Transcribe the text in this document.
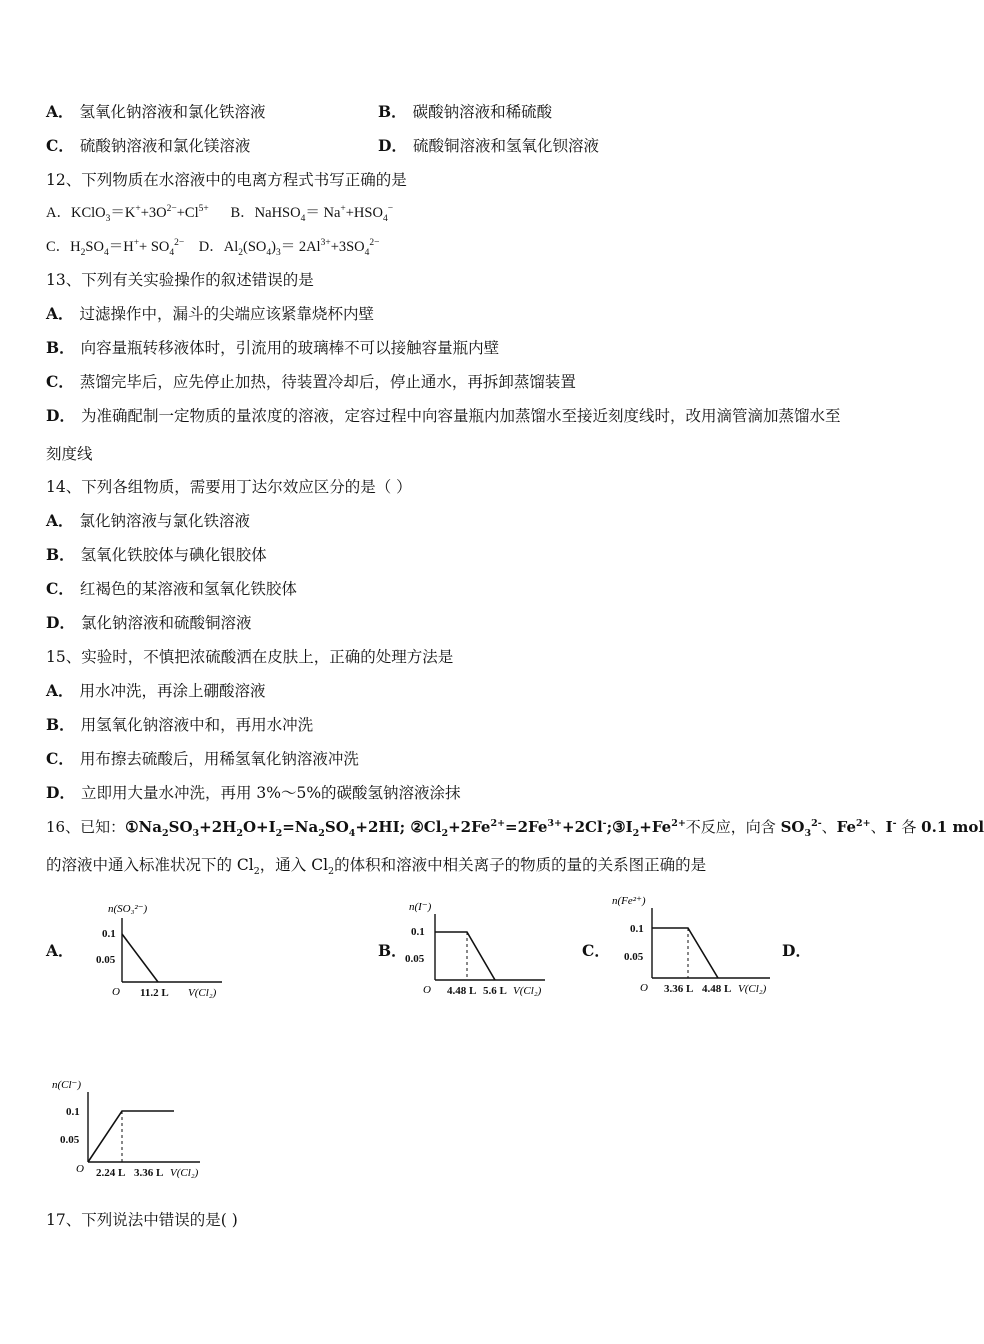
A． 氢氧化钠溶液和氯化铁溶液	B． 碳酸钠溶液和稀硫酸
C． 硫酸钠溶液和氯化镁溶液	D． 硫酸铜溶液和氢氧化钡溶液
12、下列物质在水溶液中的电离方程式书写正确的是
A．$KClO_3=K^++3O^{2-}+Cl^{5+}$ B．NaHSO$_4$＝ $Na^++HSO_4^-$
C．$H_2SO_4=H^++ SO_4^{2-}$ D．$Al_2(SO_4)_3= 2Al^{3+}+3SO_4^{2-}$
13、下列有关实验操作的叙述错误的是
A． 过滤操作中，漏斗的尖端应该紧靠烧杯内壁
B． 向容量瓶转移液体时，引流用的玻璃棒不可以接触容量瓶内壁
C． 蒸馏完毕后，应先停止加热，待装置冷却后，停止通水，再拆卸蒸馏装置
D． 为准确配制一定物质的量浓度的溶液，定容过程中向容量瓶内加蒸馏水至接近刻度线时，改用滴管滴加蒸馏水至
刻度线
14、下列各组物质，需要用丁达尔效应区分的是（ ）
A． 氯化钠溶液与氯化铁溶液
B． 氢氧化铁胶体与碘化银胶体
C． 红褐色的某溶液和氢氧化铁胶体
D． 氯化钠溶液和硫酸铜溶液
15、实验时，不慎把浓硫酸洒在皮肤上，正确的处理方法是
A． 用水冲洗，再涂上硼酸溶液
B． 用氢氧化钠溶液中和，再用水冲洗
C． 用布擦去硫酸后，用稀氢氧化钠溶液冲洗
D． 立即用大量水冲洗，再用 3%～5%的碳酸氢钠溶液涂抹
16、已知：$①Na_2SO_3+2H_2O+I_2=Na_2SO_4+2HI$; $②Cl_2+2Fe^{2+}=2Fe^{3+}+2Cl^-;③I_2+Fe^{2+}$不反应，向含 $SO_3^{2-}$、$Fe^{2+}$、I- 各 0.1 mol
的溶液中通入标准状况下的 $Cl_2$，通入 $Cl_2$的体积和溶液中相关离子的物质的量的关系图正确的是
A．	B．	C．	D．
n(SO₃²⁻)
0.1
0.05
O 11.2 L V(Cl₂)
n(I⁻)
0.1
0.05
O 4.48 L 5.6 L V(Cl₂)
n(Fe²⁺)
0.1
0.05
O 3.36 L 4.48 L V(Cl₂)
n(Cl⁻)
0.1
0.05
O 2.24 L 3.36 L V(Cl₂)
17、下列说法中错误的是( )
